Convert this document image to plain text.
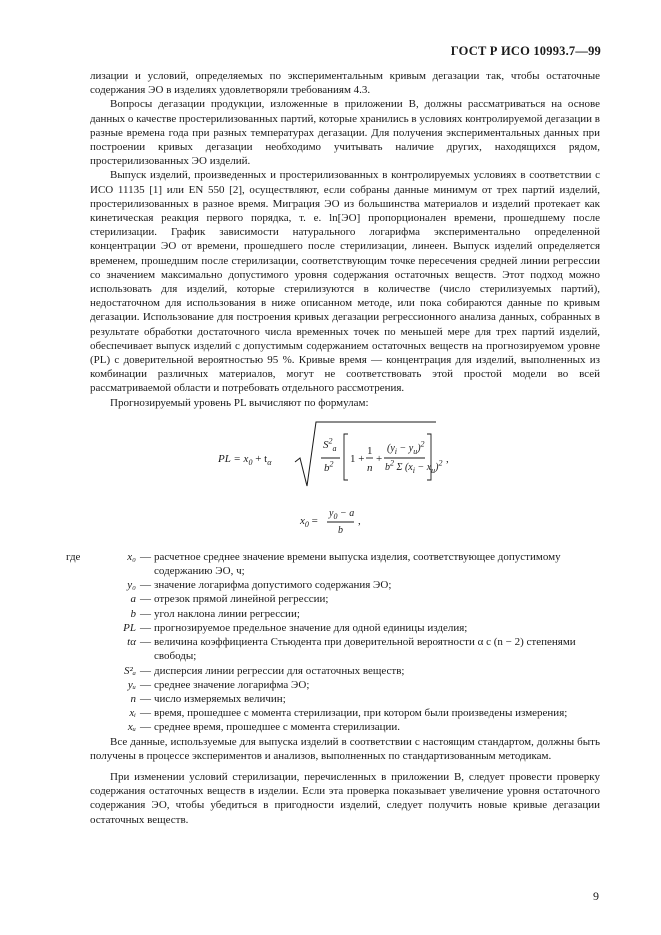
ГОСТ Р ИСО 10993.7—99

лизации и условий, определяемых по экспериментальным кривым дегазации так, чтобы остаточные содержания ЭО в изделиях удовлетворяли требованиям 4.3.

Вопросы дегазации продукции, изложенные в приложении В, должны рассматриваться на основе данных о качестве простерилизованных партий, которые хранились в условиях контролируемой дегазации в разные времена года при разных температурах дегазации. Для получения экспериментальных данных при построении кривых дегазации необходимо учитывать наличие других, находящихся рядом, простерилизованных ЭО изделий.

Выпуск изделий, произведенных и простерилизованных в контролируемых условиях в соответствии с ИСО 11135 [1] или EN 550 [2], осуществляют, если собраны данные минимум от трех партий изделий, простерилизованных в разное время. Миграция ЭО из большинства материалов и изделий протекает как кинетическая реакция первого порядка, т. е. ln[ЭО] пропорционален времени, прошедшему после стерилизации. График зависимости натурального логарифма экспериментально определенной концентрации ЭО от времени, прошедшего после стерилизации, линеен. Выпуск изделий определяется временем, прошедшим после стерилизации, соответствующим точке пересечения средней линии регрессии со значением максимально допустимого уровня содержания остаточных веществ. Этот подход можно использовать для изделий, которые стерилизуются в количестве (число стерилизуемых партий), недостаточном для использования в ниже описанном методе, или пока собираются данные по кривым дегазации. Использование для построения кривых дегазации регрессионного анализа данных, собранных в результате обработки достаточного числа временных точек по меньшей мере для трех партий изделий, обеспечивает выпуск изделий с допустимым содержанием остаточных веществ на прогнозируемом уровне (PL) с доверительной вероятностью 95 %. Кривые время — концентрация для изделий, выполненных из комбинации различных материалов, могут не соответствовать этой простой модели во всей рассматриваемой области и потребовать отдельного рассмотрения.

Прогнозируемый уровень PL вычисляют по формулам:

PL = $x_0 + t_\alpha$
$S^2_a$
$b^2$ 1 +
1
n
+
$(y_i - y_u)^2$
$b^2$ Σ $(x_i - x_u)^2$ ,
$x_0$ =
$y_0 - a$
b
,
где	x₀ — расчетное среднее значение времени выпуска изделия, соответствующее допустимому содержанию ЭО, ч;
y₀ — значение логарифма допустимого содержания ЭО;
a — отрезок прямой линейной регрессии;
b — угол наклона линии регрессии;
PL — прогнозируемое предельное значение для одной единицы изделия;
tα — величина коэффициента Стьюдента при доверительной вероятности α с (n − 2) степенями свободы;
S²ₐ — дисперсия линии регрессии для остаточных веществ;
yᵤ — среднее значение логарифма ЭО;
n — число измеряемых величин;
xᵢ — время, прошедшее с момента стерилизации, при котором были произведены измерения;
xᵤ — среднее время, прошедшее с момента стерилизации.

Все данные, используемые для выпуска изделий в соответствии с настоящим стандартом, должны быть получены в процессе экспериментов и анализов, выполненных по стандартизованным методикам.

При изменении условий стерилизации, перечисленных в приложении В, следует провести проверку содержания остаточных веществ в изделии. Если эта проверка показывает увеличение уровня остаточного содержания ЭО, чтобы убедиться в пригодности изделий, следует получить новые кривые дегазации остаточных веществ.

9
